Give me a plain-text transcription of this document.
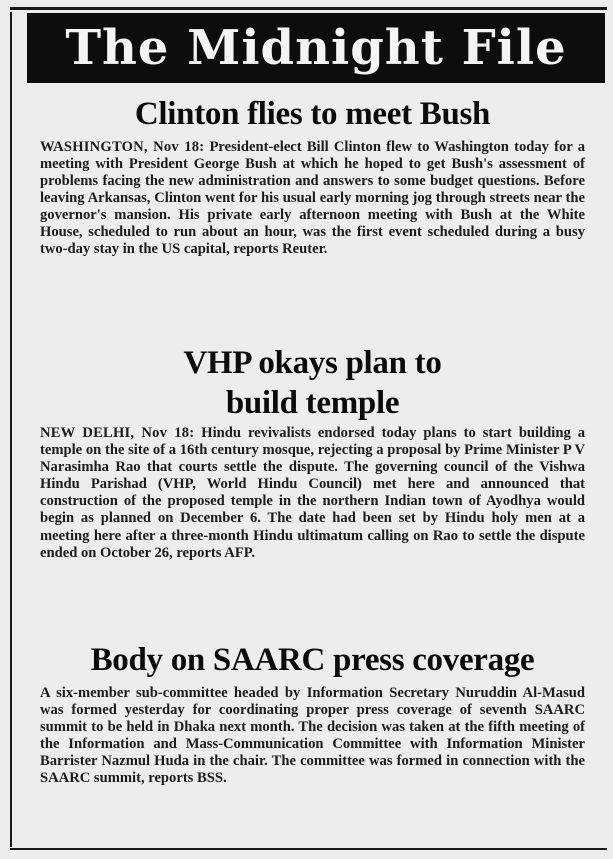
The Midnight File
Clinton flies to meet Bush

WASHINGTON, Nov 18: President-elect Bill Clinton flew to Washington today for a meeting with President George Bush at which he hoped to get Bush's assessment of problems facing the new administration and answers to some budget questions. Before leaving Arkansas, Clinton went for his usual early morning jog through streets near the governor's mansion. His private early afternoon meeting with Bush at the White House, scheduled to run about an hour, was the first event scheduled during a busy two-day stay in the US capital, reports Reuter.

VHP okays plan to
build temple

NEW DELHI, Nov 18: Hindu revivalists endorsed today plans to start building a temple on the site of a 16th century mosque, rejecting a proposal by Prime Minister P V Narasimha Rao that courts settle the dispute. The governing council of the Vishwa Hindu Parishad (VHP, World Hindu Council) met here and announced that construction of the proposed temple in the northern Indian town of Ayodhya would begin as planned on December 6. The date had been set by Hindu holy men at a meeting here after a three-month Hindu ultimatum calling on Rao to settle the dispute ended on October 26, reports AFP.

Body on SAARC press coverage

A six-member sub-committee headed by Information Secretary Nuruddin Al-Masud was formed yesterday for coordinating proper press coverage of seventh SAARC summit to be held in Dhaka next month. The decision was taken at the fifth meeting of the Information and Mass-Communication Committee with Information Minister Barrister Nazmul Huda in the chair. The committee was formed in connection with the SAARC summit, reports BSS.
